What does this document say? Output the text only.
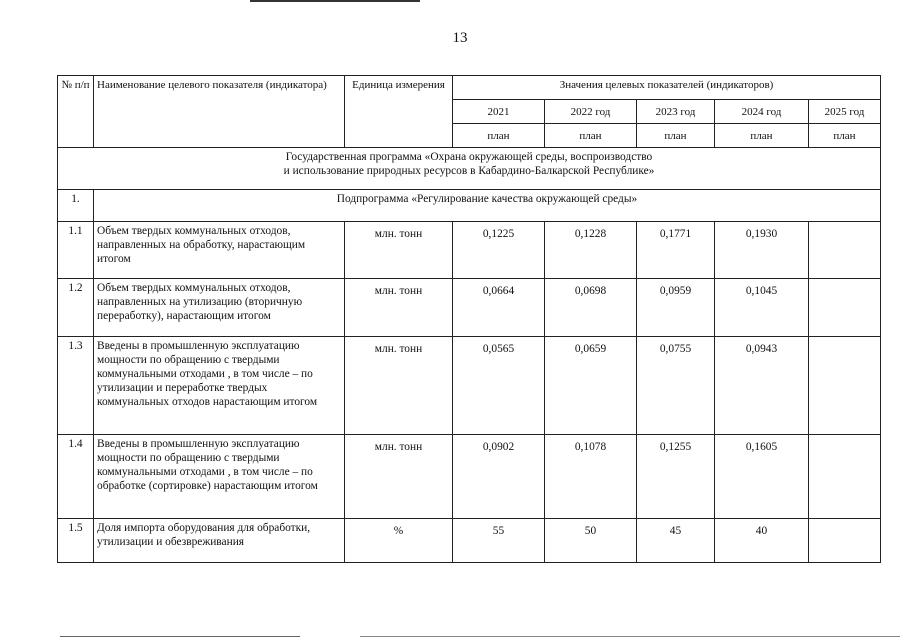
13
№ п/п	Наименование целевого показателя (индикатора)	Единица измерения	Значения целевых показателей (индикаторов)				
			2021	2022 год	2023 год	2024 год	2025 год
			план	план	план	план	план

Государственная программа «Охрана окружающей среды, воспроизводство
и использование природных ресурсов в Кабардино-Балкарской Республике»							

1.	Подпрограмма «Регулирование качества окружающей среды»						
1.1	Объем твердых коммунальных отходов, направленных на обработку, нарастающим итогом	млн. тонн	0,1225	0,1228	0,1771	0,1930	
1.2	Объем твердых коммунальных отходов, направленных на утилизацию (вторичную переработку), нарастающим итогом	млн. тонн	0,0664	0,0698	0,0959	0,1045	
1.3	Введены в промышленную эксплуатацию мощности по обращению с твердыми коммунальными отходами , в том числе – по утилизации и переработке твердых коммунальных отходов нарастающим итогом	млн. тонн	0,0565	0,0659	0,0755	0,0943	
1.4	Введены в промышленную эксплуатацию мощности по обращению с твердыми коммунальными отходами , в том числе – по обработке (сортировке) нарастающим итогом	млн. тонн	0,0902	0,1078	0,1255	0,1605	
1.5	Доля импорта оборудования для обработки, утилизации и обезвреживания	%	55	50	45	40	
